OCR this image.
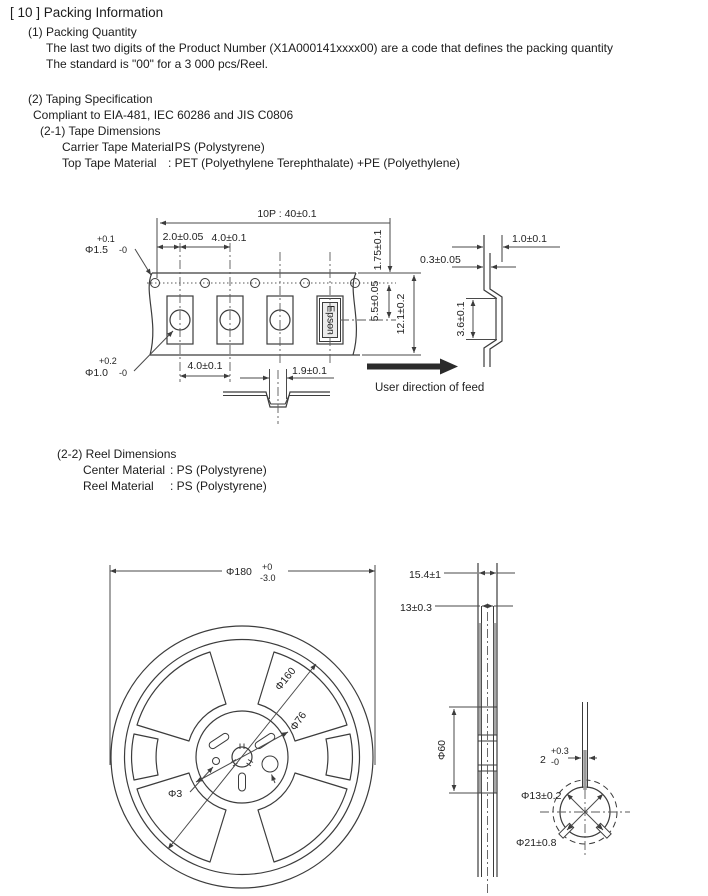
[ 10 ] Packing Information
(1) Packing Quantity
The last two digits of the Product Number (X1A000141xxxx00) are a code that defines the packing quantity
The standard is "00" for a 3 000 pcs/Reel.
(2) Taping Specification
Compliant to EIA-481, IEC 60286 and JIS C0806
(2-1) Tape Dimensions
Carrier Tape Material
: PS (Polystyrene)
Top Tape Material : PET (Polyethylene Terephthalate) +PE (Polyethylene)
Epson
10P : 40±0.1
2.0±0.05 4.0±0.1
Φ1.5
+0.1
-0	1.75±0.1
5.5±0.05 12.1±0.2
+0.2
Φ1.0 -0
4.0±0.1	1.9±0.1
1.0±0.1
0.3±0.05
3.6±0.1
User direction of feed
(2-2) Reel Dimensions
Center Material : PS (Polystyrene)
Reel Material	: PS (Polystyrene)
Φ180 +0
-3.0
Φ160
Φ76
Φ3
15.4±1
13±0.3
Φ60	2
+0.3
-0
Φ13±0.2
Φ21±0.8
